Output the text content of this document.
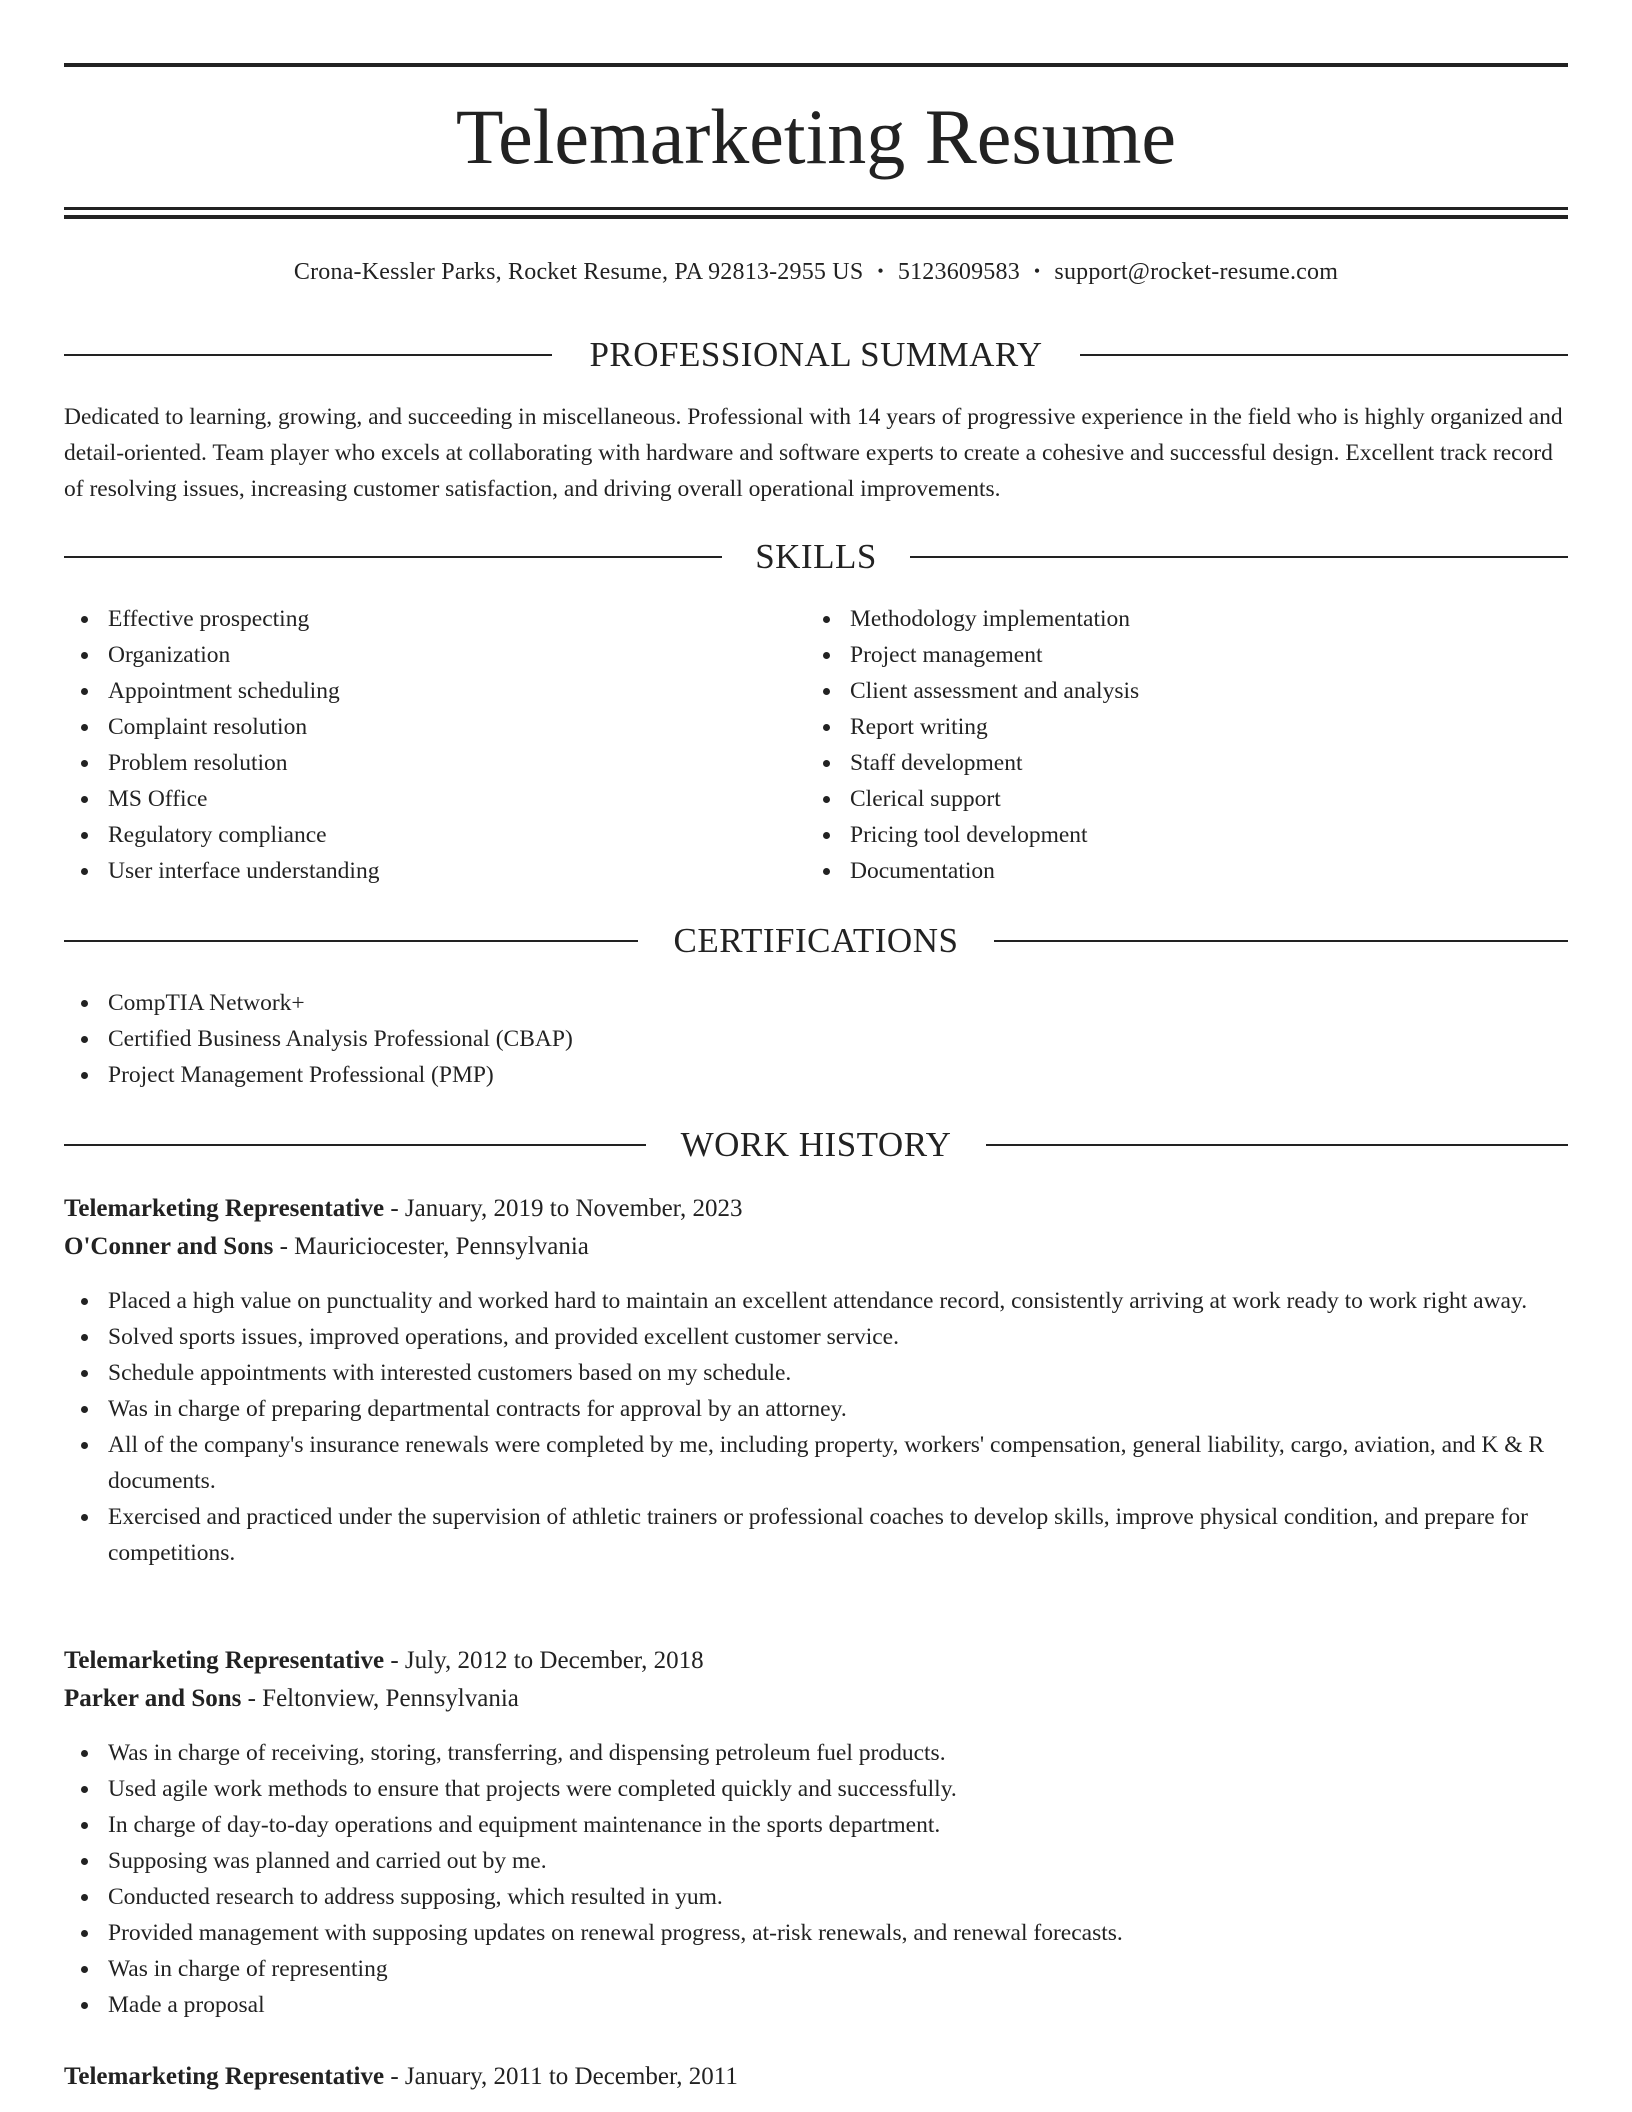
Telemarketing Resume
Crona-Kessler Parks, Rocket Resume, PA 92813-2955 US • 5123609583 • support@rocket-resume.com
PROFESSIONAL SUMMARY

Dedicated to learning, growing, and succeeding in miscellaneous. Professional with 14 years of progressive experience in the field who is highly organized and detail-oriented. Team player who excels at collaborating with hardware and software experts to create a cohesive and successful design. Excellent track record of resolving issues, increasing customer satisfaction, and driving overall operational improvements.

SKILLS
Effective prospecting
Organization
Appointment scheduling
Complaint resolution
Problem resolution
MS Office
Regulatory compliance
User interface understanding
Methodology implementation
Project management
Client assessment and analysis
Report writing
Staff development
Clerical support
Pricing tool development
Documentation
CERTIFICATIONS
CompTIA Network+
Certified Business Analysis Professional (CBAP)
Project Management Professional (PMP)
WORK HISTORY
Telemarketing Representative - January, 2019 to November, 2023
O'Conner and Sons - Mauriciocester, Pennsylvania
Placed a high value on punctuality and worked hard to maintain an excellent attendance record, consistently arriving at work ready to work right away.
Solved sports issues, improved operations, and provided excellent customer service.
Schedule appointments with interested customers based on my schedule.
Was in charge of preparing departmental contracts for approval by an attorney.
All of the company's insurance renewals were completed by me, including property, workers' compensation, general liability, cargo, aviation, and K & R documents.
Exercised and practiced under the supervision of athletic trainers or professional coaches to develop skills, improve physical condition, and prepare for competitions.
Telemarketing Representative - July, 2012 to December, 2018
Parker and Sons - Feltonview, Pennsylvania
Was in charge of receiving, storing, transferring, and dispensing petroleum fuel products.
Used agile work methods to ensure that projects were completed quickly and successfully.
In charge of day-to-day operations and equipment maintenance in the sports department.
Supposing was planned and carried out by me.
Conducted research to address supposing, which resulted in yum.
Provided management with supposing updates on renewal progress, at-risk renewals, and renewal forecasts.
Was in charge of representing
Made a proposal
Telemarketing Representative - January, 2011 to December, 2011
